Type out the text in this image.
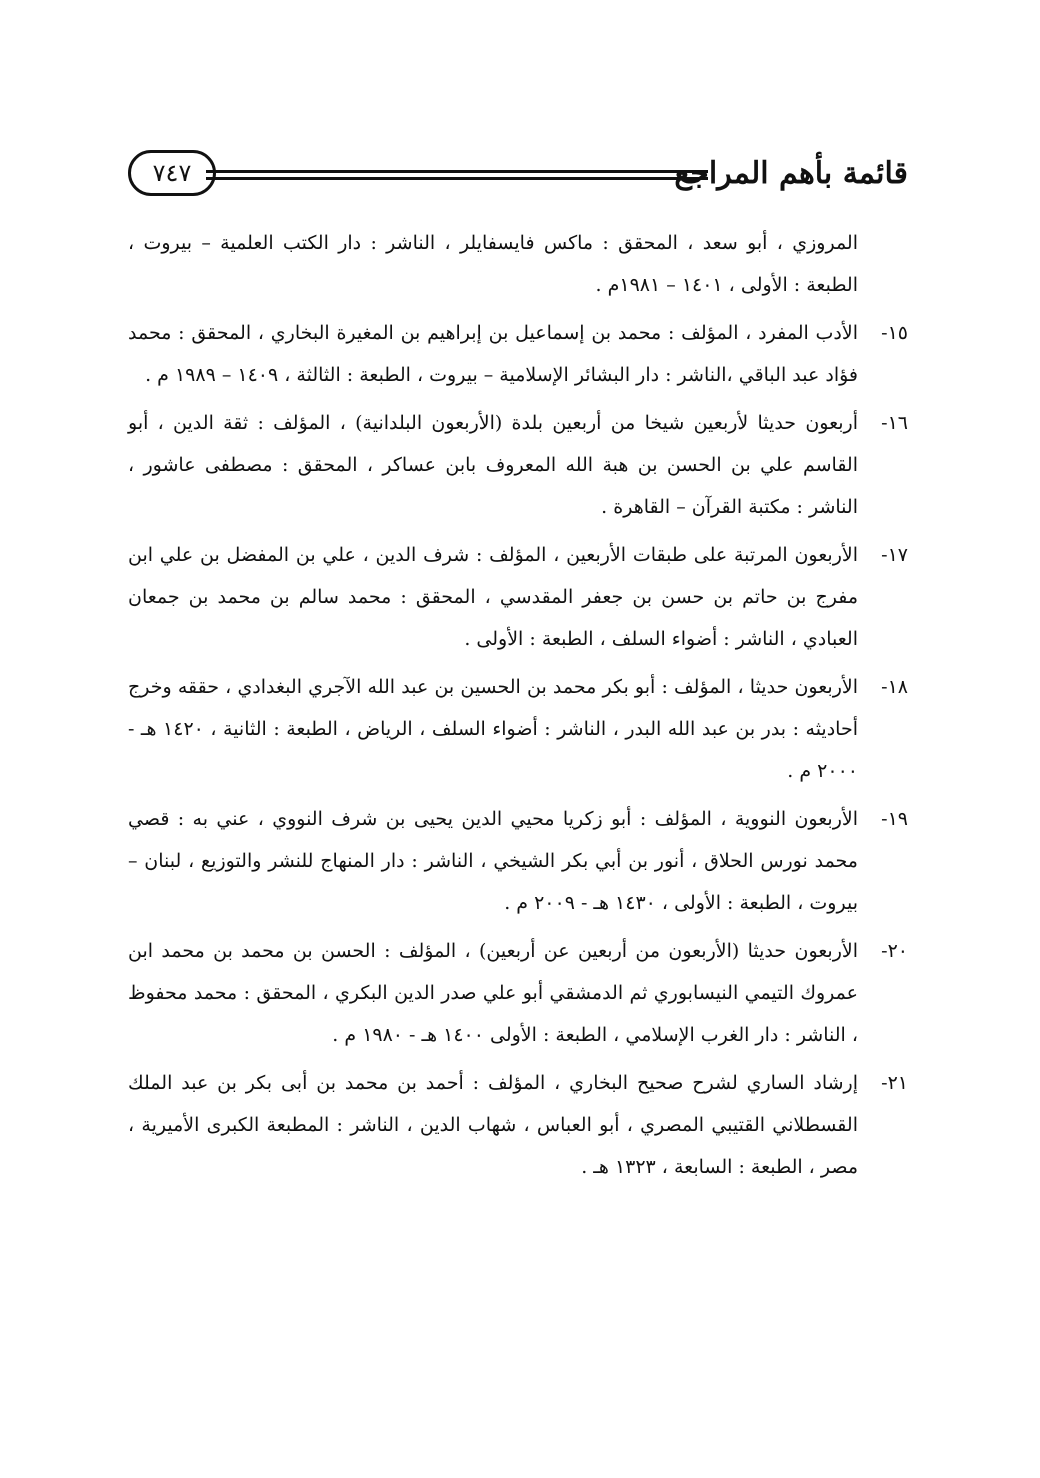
٧٤٧	قائمة بأهم المراجع
المروزي ، أبو سعد ، المحقق : ماكس فايسفايلر ، الناشر : دار الكتب العلمية – بيروت ، الطبعة : الأولى ، ١٤٠١ – ١٩٨١م .
١٥-
الأدب المفرد ، المؤلف : محمد بن إسماعيل بن إبراهيم بن المغيرة البخاري ، المحقق : محمد فؤاد عبد الباقي ،الناشر : دار البشائر الإسلامية – بيروت ، الطبعة : الثالثة ، ١٤٠٩ – ١٩٨٩ م .
١٦-
أربعون حديثا لأربعين شيخا من أربعين بلدة (الأربعون البلدانية) ، المؤلف : ثقة الدين ، أبو القاسم علي بن الحسن بن هبة الله المعروف بابن عساكر ، المحقق : مصطفى عاشور ، الناشر : مكتبة القرآن – القاهرة .
١٧-
الأربعون المرتبة على طبقات الأربعين ، المؤلف : شرف الدين ، علي بن المفضل بن علي ابن مفرج بن حاتم بن حسن بن جعفر المقدسي ، المحقق : محمد سالم بن محمد بن جمعان العبادي ، الناشر : أضواء السلف ، الطبعة : الأولى .
١٨-
الأربعون حديثا ، المؤلف : أبو بكر محمد بن الحسين بن عبد الله الآجري البغدادي ، حققه وخرج أحاديثه : بدر بن عبد الله البدر ، الناشر : أضواء السلف ، الرياض ، الطبعة : الثانية ، ١٤٢٠ هـ - ٢٠٠٠ م .
١٩-
الأربعون النووية ، المؤلف : أبو زكريا محيي الدين يحيى بن شرف النووي ، عني به : قصي محمد نورس الحلاق ، أنور بن أبي بكر الشيخي ، الناشر : دار المنهاج للنشر والتوزيع ، لبنان – بيروت ، الطبعة : الأولى ، ١٤٣٠ هـ - ٢٠٠٩ م .
٢٠-
الأربعون حديثا (الأربعون من أربعين عن أربعين) ، المؤلف : الحسن بن محمد بن محمد ابن عمروك التيمي النيسابوري ثم الدمشقي أبو علي صدر الدين البكري ، المحقق : محمد محفوظ ، الناشر : دار الغرب الإسلامي ، الطبعة : الأولى ١٤٠٠ هـ - ١٩٨٠ م .
٢١-
إرشاد الساري لشرح صحيح البخاري ، المؤلف : أحمد بن محمد بن أبى بكر بن عبد الملك القسطلاني القتيبي المصري ، أبو العباس ، شهاب الدين ، الناشر : المطبعة الكبرى الأميرية ، مصر ، الطبعة : السابعة ، ١٣٢٣ هـ .
